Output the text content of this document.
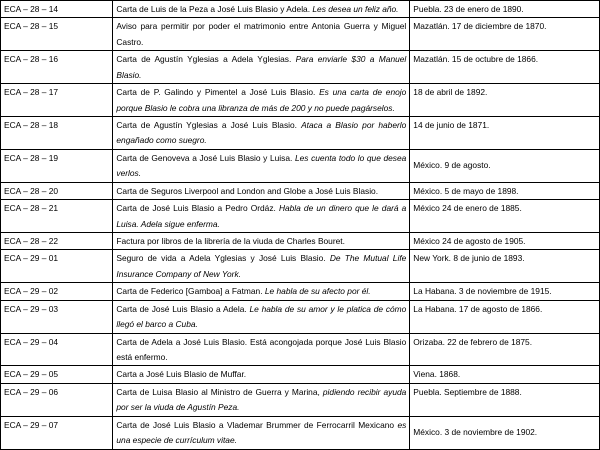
ECA – 28 – 14	Carta de Luis de la Peza a José Luis Blasio y Adela. Les desea un feliz año.	Puebla. 23 de enero de 1890.
ECA – 28 – 15	Aviso para permitir por poder el matrimonio entre Antonia Guerra y Miguel Castro.	Mazatlán. 17 de diciembre de 1870.
ECA – 28 – 16	Carta de Agustín Yglesias a Adela Yglesias. Para enviarle $30 a Manuel Blasio.	Mazatlán. 15 de octubre de 1866.
ECA – 28 – 17	Carta de P. Galindo y Pimentel a José Luis Blasio. Es una carta de enojo porque Blasio le cobra una libranza de más de 200 y no puede pagárselos.	18 de abril de 1892.
ECA – 28 – 18	Carta de Agustín Yglesias a José Luis Blasio. Ataca a Blasio por haberlo engañado como suegro.	14 de junio de 1871.
ECA – 28 – 19	Carta de Genoveva a José Luis Blasio y Luisa. Les cuenta todo lo que desea verlos.	México. 9 de agosto.
ECA – 28 – 20	Carta de Seguros Liverpool and London and Globe a José Luis Blasio.	México. 5 de mayo de 1898.
ECA – 28 – 21	Carta de José Luis Blasio a Pedro Ordáz. Habla de un dinero que le dará a Luisa. Adela sigue enferma.	México 24 de enero de 1885.
ECA – 28 – 22	Factura por libros de la librería de la viuda de Charles Bouret.	México 24 de agosto de 1905.
ECA – 29 – 01	Seguro de vida a Adela Yglesias y José Luis Blasio. De The Mutual Life Insurance Company of New York.	New York. 8 de junio de 1893.
ECA – 29 – 02	Carta de Federico [Gamboa] a Fatman. Le habla de su afecto por él.	La Habana. 3 de noviembre de 1915.
ECA – 29 – 03	Carta de José Luis Blasio a Adela. Le habla de su amor y le platica de cómo llegó el barco a Cuba.	La Habana. 17 de agosto de 1866.
ECA – 29 – 04	Carta de Adela a José Luis Blasio. Está acongojada porque José Luis Blasio está enfermo.	Orizaba. 22 de febrero de 1875.
ECA – 29 – 05	Carta a José Luis Blasio de Muffar.	Viena. 1868.
ECA – 29 – 06	Carta de Luisa Blasio al Ministro de Guerra y Marina, pidiendo recibir ayuda por ser la viuda de Agustín Peza.	Puebla. Septiembre de 1888.
ECA – 29 – 07	Carta de José Luis Blasio a Vlademar Brummer de Ferrocarril Mexicano es una especie de currículum vitae.	México. 3 de noviembre de 1902.
